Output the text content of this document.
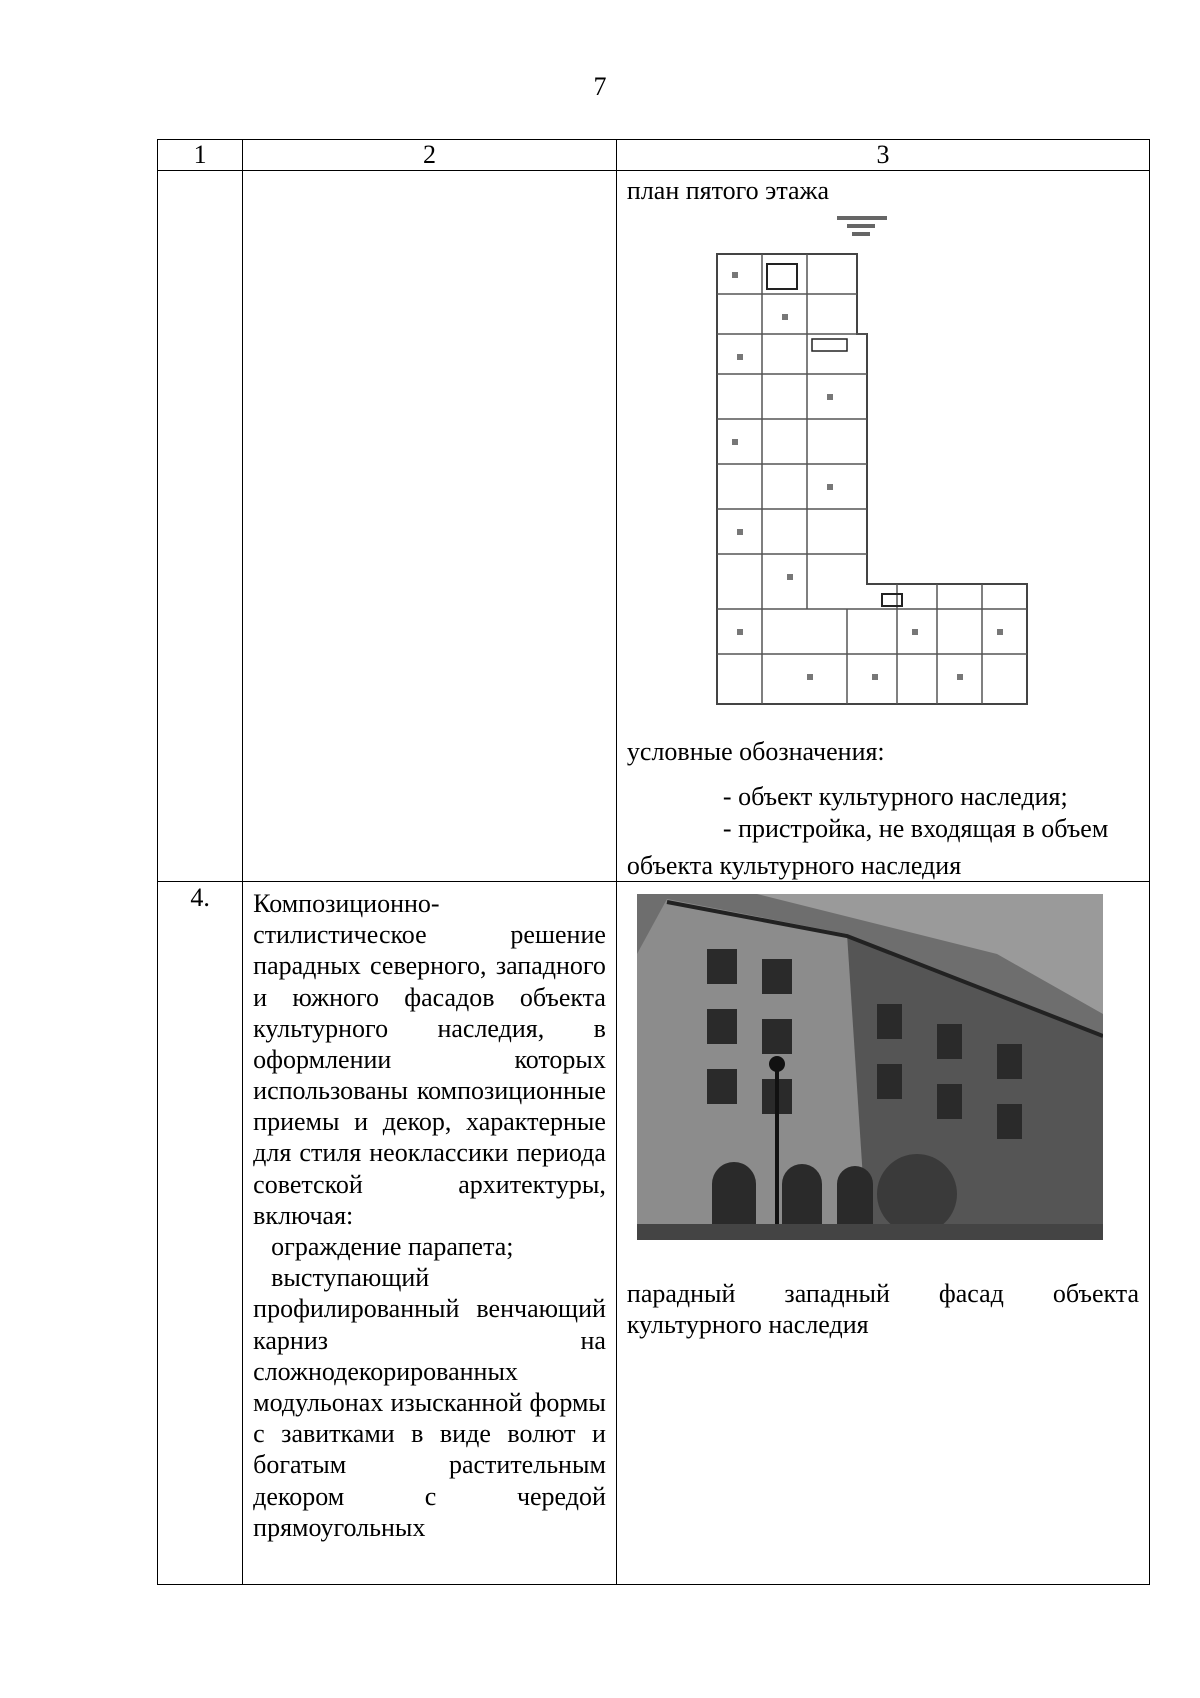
7
1	2	3

		план пятого этажа
условные обозначения:
- объект культурного наследия;
- пристройка, не входящая в объем
объекта культурного наследия

4.	Композиционно-стилистическое решение парадных северного, западного и южного фасадов объекта культурного наследия, в оформлении которых использованы композиционные приемы и декор, характерные для стиля неоклассики периода советской архитектуры, включая:

ограждение парапета;

выступающий профилированный венчающий карниз на сложнодекорированных модульонах изысканной формы с завитками в виде волют и богатым растительным декором с чередой прямоугольных	парадный западный фасад объекта культурного наследия
